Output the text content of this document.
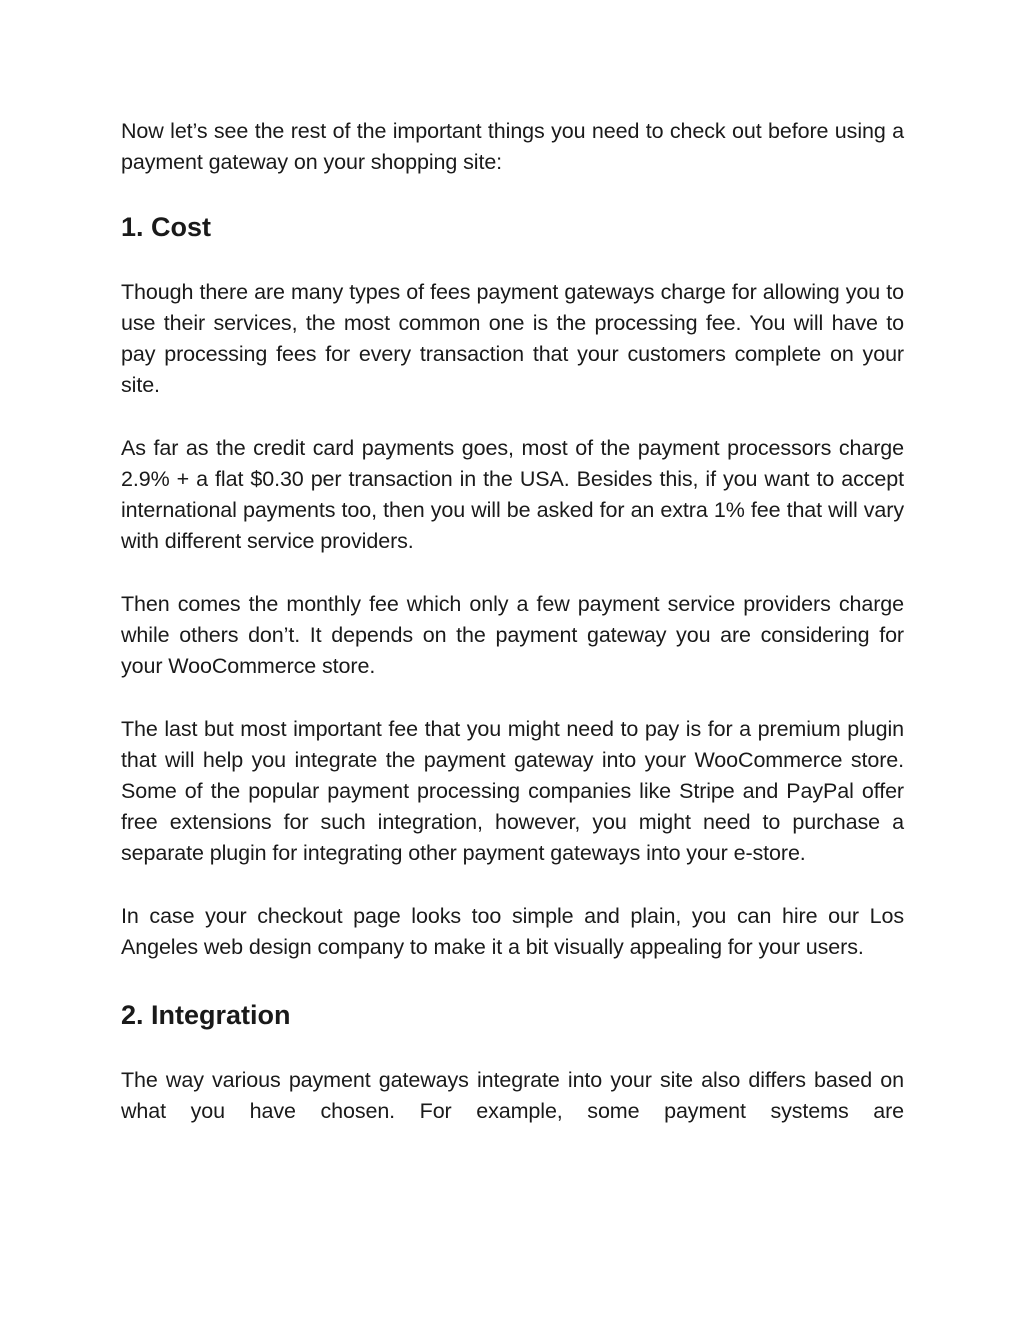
Now let’s see the rest of the important things you need to check out before using a payment gateway on your shopping site:

1. Cost

Though there are many types of fees payment gateways charge for allowing you to use their services, the most common one is the processing fee. You will have to pay processing fees for every transaction that your customers complete on your site.

As far as the credit card payments goes, most of the payment processors charge 2.9% + a flat $0.30 per transaction in the USA. Besides this, if you want to accept international payments too, then you will be asked for an extra 1% fee that will vary with different service providers.

Then comes the monthly fee which only a few payment service providers charge while others don’t. It depends on the payment gateway you are considering for your WooCommerce store.

The last but most important fee that you might need to pay is for a premium plugin that will help you integrate the payment gateway into your WooCommerce store. Some of the popular payment processing companies like Stripe and PayPal offer free extensions for such integration, however, you might need to purchase a separate plugin for integrating other payment gateways into your e-store.

In case your checkout page looks too simple and plain, you can hire our Los Angeles web design company to make it a bit visually appealing for your users.

2. Integration

The way various payment gateways integrate into your site also differs based on what you have chosen. For example, some payment systems are
